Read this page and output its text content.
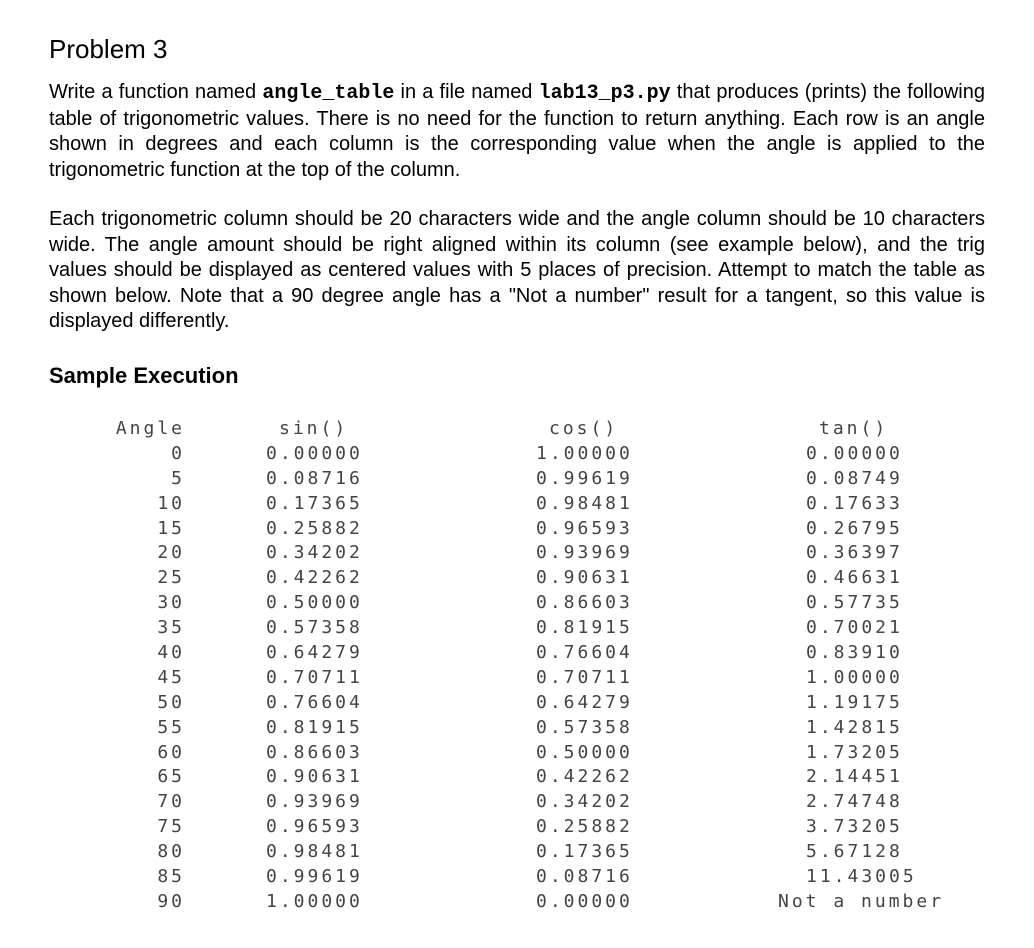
Problem 3

Write a function named angle_table in a file named lab13_p3.py that produces (prints) the following table of trigonometric values. There is no need for the function to return anything. Each row is an angle shown in degrees and each column is the corresponding value when the angle is applied to the trigonometric function at the top of the column.

Each trigonometric column should be 20 characters wide and the angle column should be 10 characters wide. The angle amount should be right aligned within its column (see example below), and the trig values should be displayed as centered values with 5 places of precision. Attempt to match the table as shown below. Note that a 90 degree angle has a "Not a number" result for a tangent, so this value is displayed differently.

Sample Execution
Angle	sin()	cos()	tan()
0	0.00000	1.00000	0.00000
5	0.08716	0.99619	0.08749
10	0.17365	0.98481	0.17633
15	0.25882	0.96593	0.26795
20	0.34202	0.93969	0.36397
25	0.42262	0.90631	0.46631
30	0.50000	0.86603	0.57735
35	0.57358	0.81915	0.70021
40	0.64279	0.76604	0.83910
45	0.70711	0.70711	1.00000
50	0.76604	0.64279	1.19175
55	0.81915	0.57358	1.42815
60	0.86603	0.50000	1.73205
65	0.90631	0.42262	2.14451
70	0.93969	0.34202	2.74748
75	0.96593	0.25882	3.73205
80	0.98481	0.17365	5.67128
85	0.99619	0.08716	11.43005
90	1.00000	0.00000	Not a number
